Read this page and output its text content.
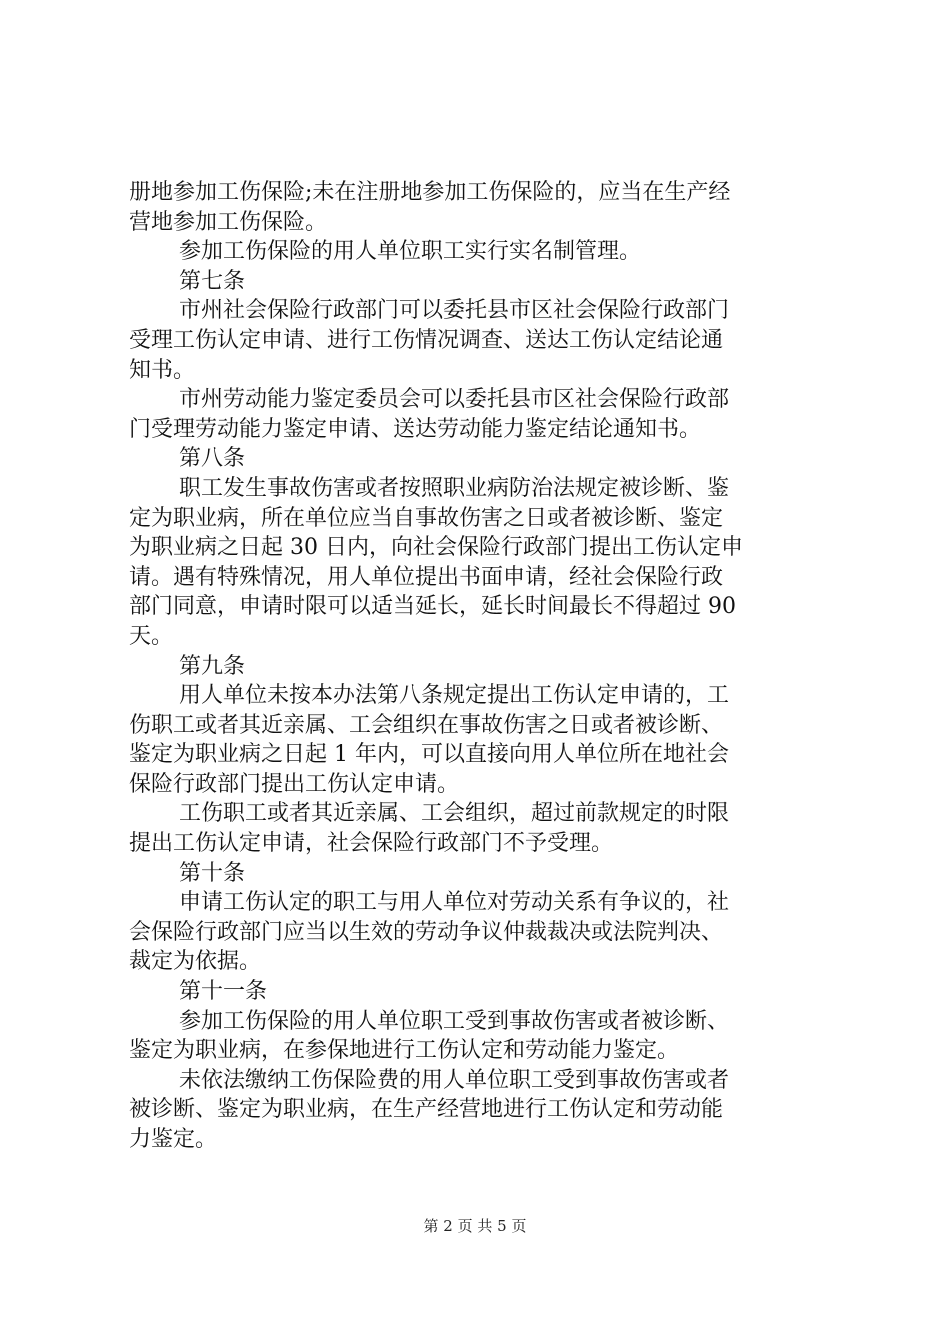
册地参加工伤保险;未在注册地参加工伤保险的，应当在生产经
营地参加工伤保险。
参加工伤保险的用人单位职工实行实名制管理。
第七条
市州社会保险行政部门可以委托县市区社会保险行政部门
受理工伤认定申请、进行工伤情况调查、送达工伤认定结论通
知书。
市州劳动能力鉴定委员会可以委托县市区社会保险行政部
门受理劳动能力鉴定申请、送达劳动能力鉴定结论通知书。
第八条
职工发生事故伤害或者按照职业病防治法规定被诊断、鉴
定为职业病，所在单位应当自事故伤害之日或者被诊断、鉴定
为职业病之日起 30 日内，向社会保险行政部门提出工伤认定申
请。遇有特殊情况，用人单位提出书面申请，经社会保险行政
部门同意，申请时限可以适当延长，延长时间最长不得超过 90
天。
第九条
用人单位未按本办法第八条规定提出工伤认定申请的，工
伤职工或者其近亲属、工会组织在事故伤害之日或者被诊断、
鉴定为职业病之日起 1 年内，可以直接向用人单位所在地社会
保险行政部门提出工伤认定申请。
工伤职工或者其近亲属、工会组织，超过前款规定的时限
提出工伤认定申请，社会保险行政部门不予受理。
第十条
申请工伤认定的职工与用人单位对劳动关系有争议的，社
会保险行政部门应当以生效的劳动争议仲裁裁决或法院判决、
裁定为依据。
第十一条
参加工伤保险的用人单位职工受到事故伤害或者被诊断、
鉴定为职业病，在参保地进行工伤认定和劳动能力鉴定。
未依法缴纳工伤保险费的用人单位职工受到事故伤害或者
被诊断、鉴定为职业病，在生产经营地进行工伤认定和劳动能
力鉴定。
第 2 页 共 5 页
